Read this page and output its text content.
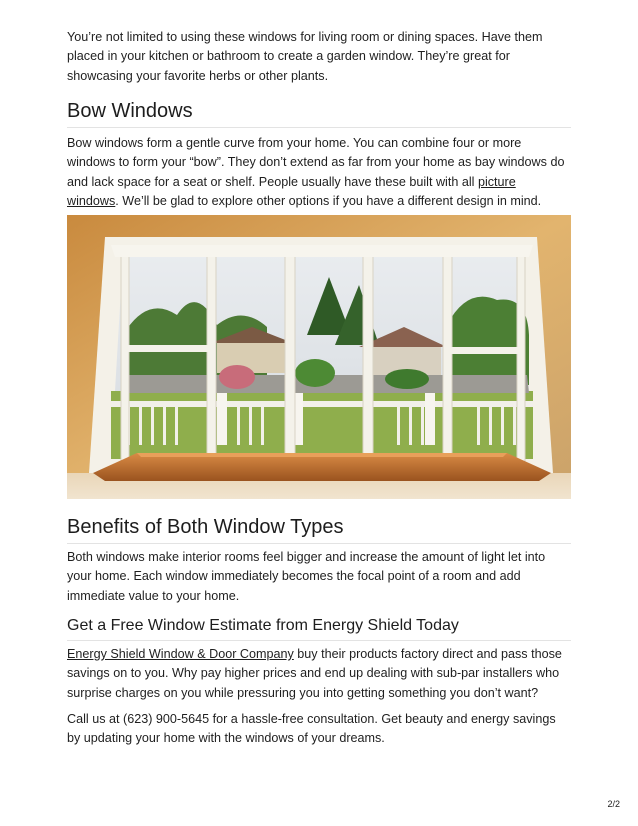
You’re not limited to using these windows for living room or dining spaces. Have them placed in your kitchen or bathroom to create a garden window. They’re great for showcasing your favorite herbs or other plants.

Bow Windows

Bow windows form a gentle curve from your home. You can combine four or more windows to form your “bow”. They don’t extend as far from your home as bay windows do and lack space for a seat or shelf. People usually have these built with all picture windows. We’ll be glad to explore other options if you have a different design in mind.

Benefits of Both Window Types

Both windows make interior rooms feel bigger and increase the amount of light let into your home. Each window immediately becomes the focal point of a room and add immediate value to your home.

Get a Free Window Estimate from Energy Shield Today

Energy Shield Window & Door Company buy their products factory direct and pass those savings on to you. Why pay higher prices and end up dealing with sub-par installers who surprise charges on you while pressuring you into getting something you don’t want?

Call us at (623) 900-5645 for a hassle-free consultation. Get beauty and energy savings by updating your home with the windows of your dreams.

2/2
